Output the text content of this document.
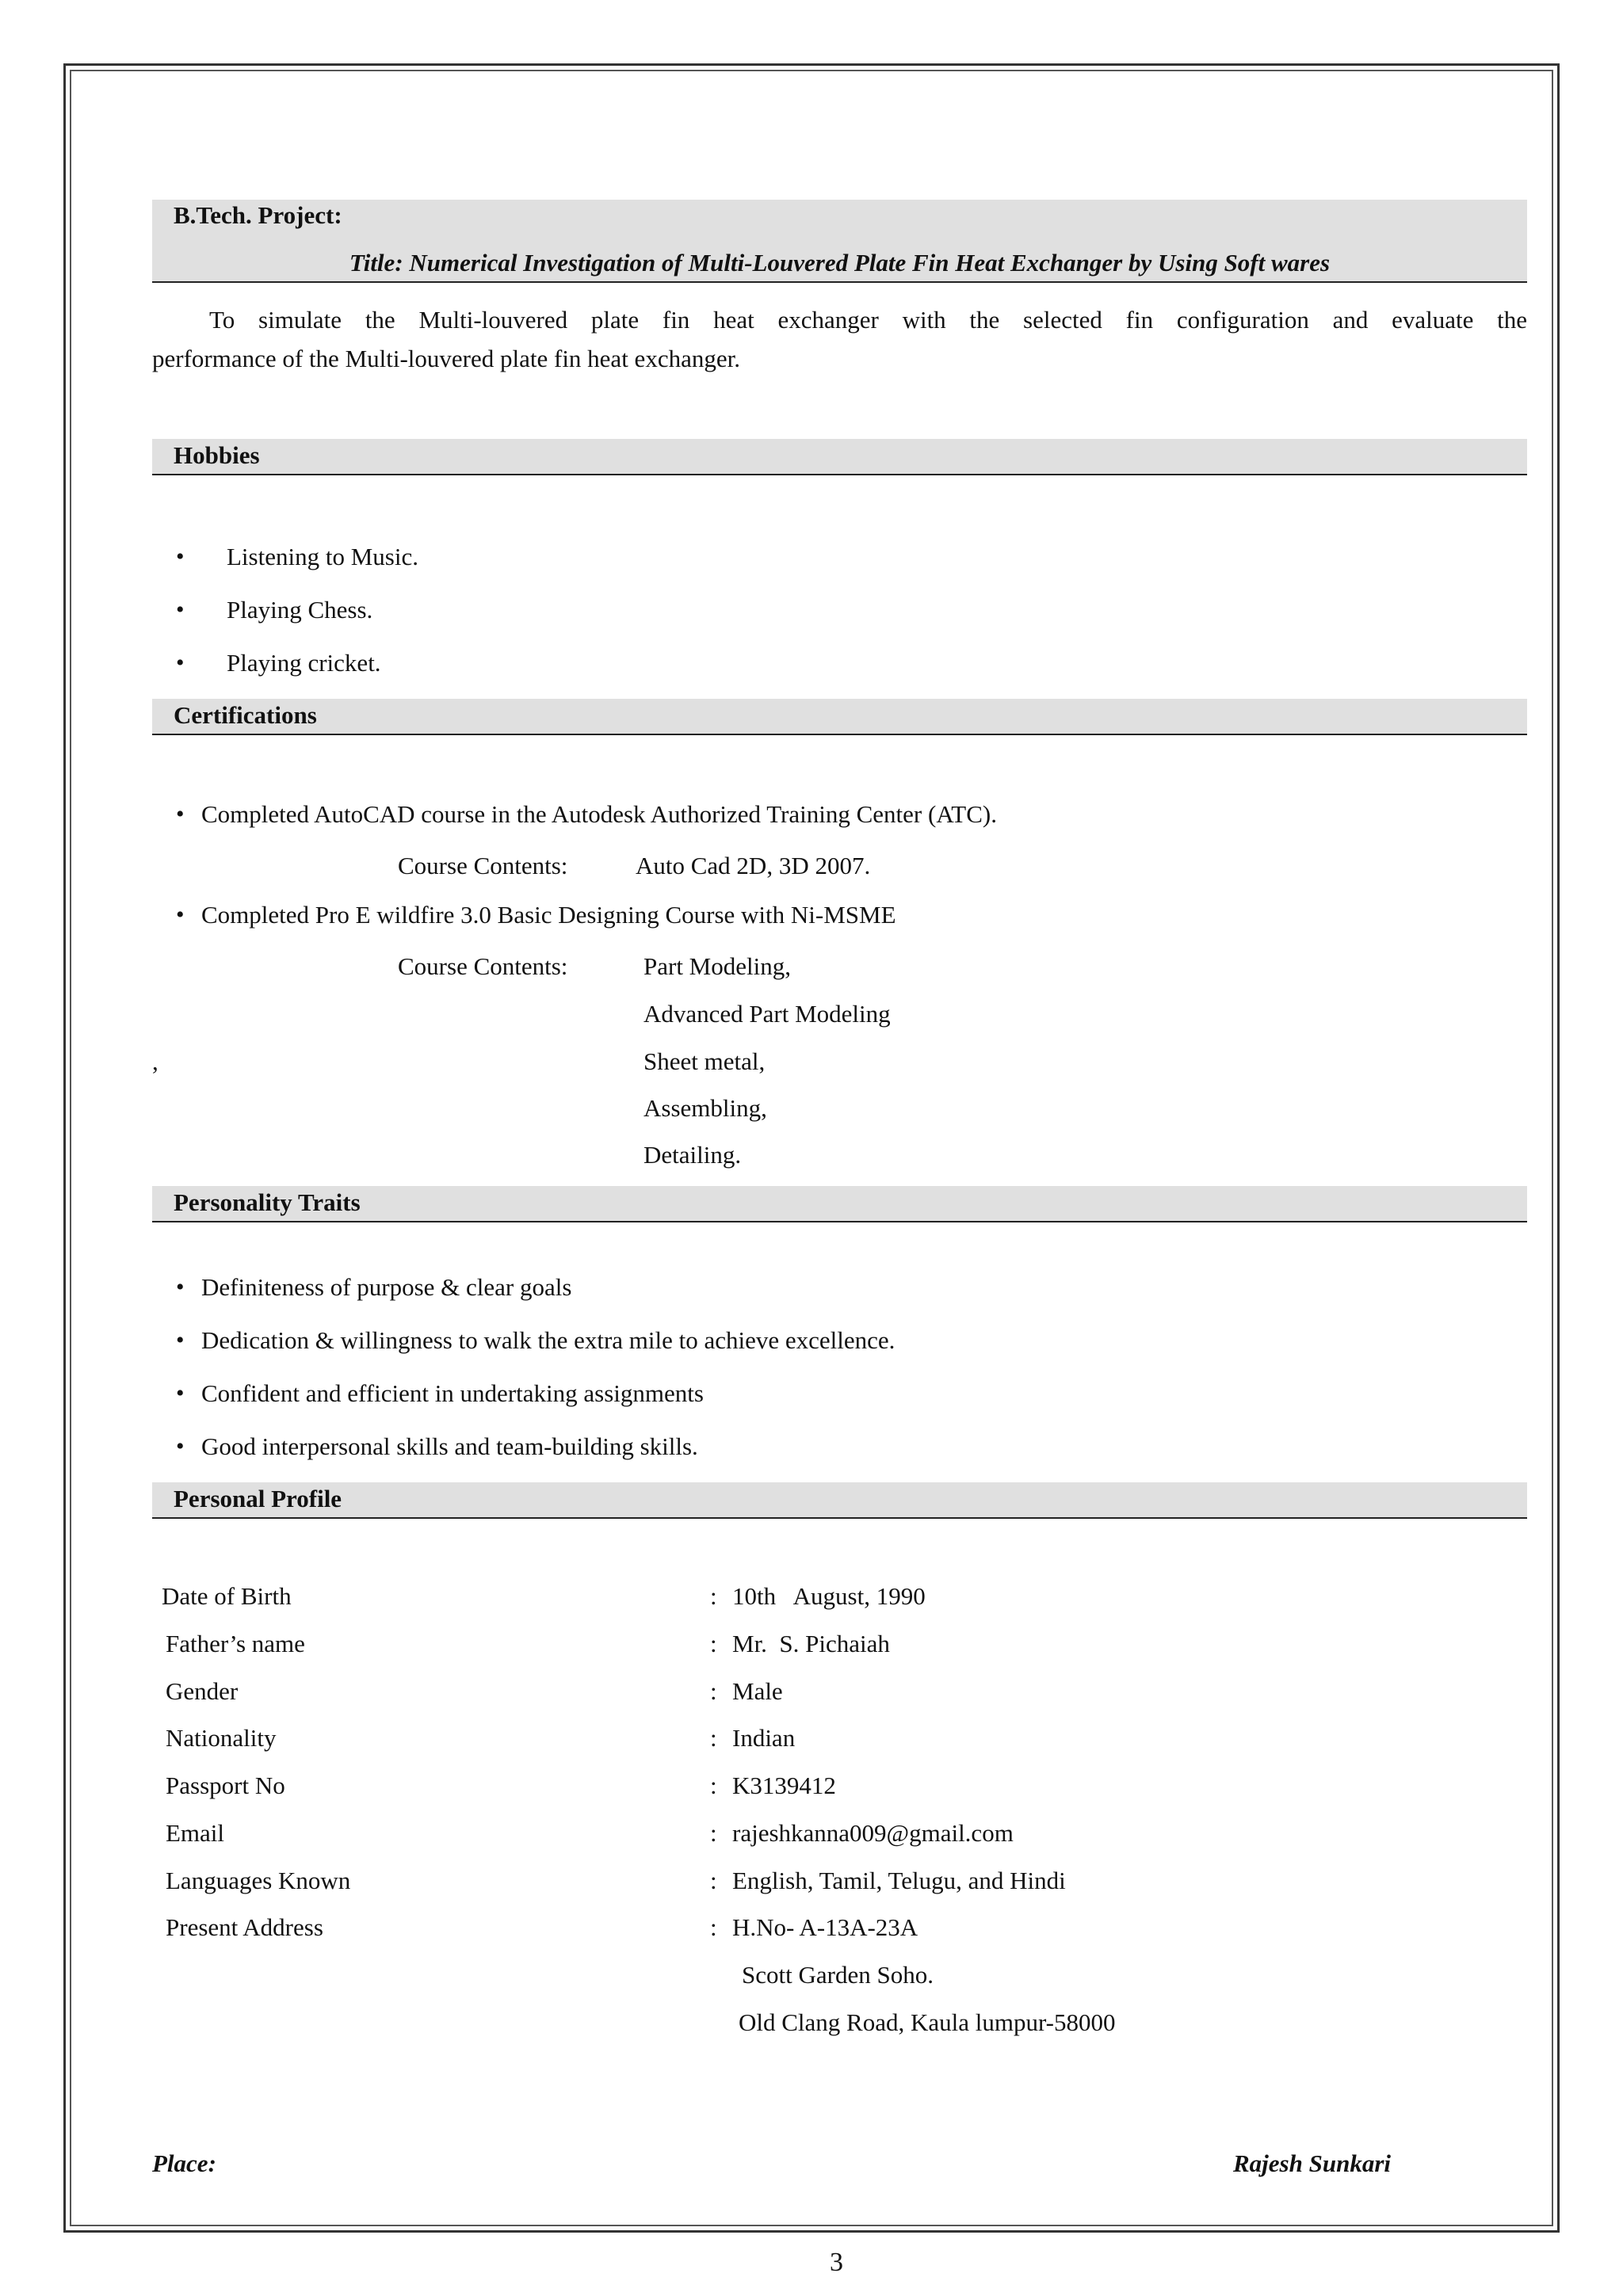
B.Tech. Project:
Title: Numerical Investigation of Multi-Louvered Plate Fin Heat Exchanger by Using Soft wares
To simulate the Multi-louvered plate fin heat exchanger with the selected fin configuration and evaluate the
performance of the Multi-louvered plate fin heat exchanger.
Hobbies
• Listening to Music.
• Playing Chess.
• Playing cricket.
Certifications
• Completed AutoCAD course in the Autodesk Authorized Training Center (ATC).
Course Contents:	Auto Cad 2D, 3D 2007.
• Completed Pro E wildfire 3.0 Basic Designing Course with Ni-MSME
Course Contents:	Part Modeling,
Advanced Part Modeling
,	Sheet metal,
Assembling,
Detailing.
Personality Traits
• Definiteness of purpose & clear goals
• Dedication & willingness to walk the extra mile to achieve excellence.
• Confident and efficient in undertaking assignments
• Good interpersonal skills and team-building skills.
Personal Profile
Date of Birth	: 10th   August, 1990
Father’s name	: Mr.  S. Pichaiah
Gender	: Male
Nationality	: Indian
Passport No	: K3139412
Email	: rajeshkanna009@gmail.com
Languages Known	: English, Tamil, Telugu, and Hindi
Present Address	: H.No- A-13A-23A
Scott Garden Soho.
Old Clang Road, Kaula lumpur-58000
Place:	Rajesh Sunkari
3
